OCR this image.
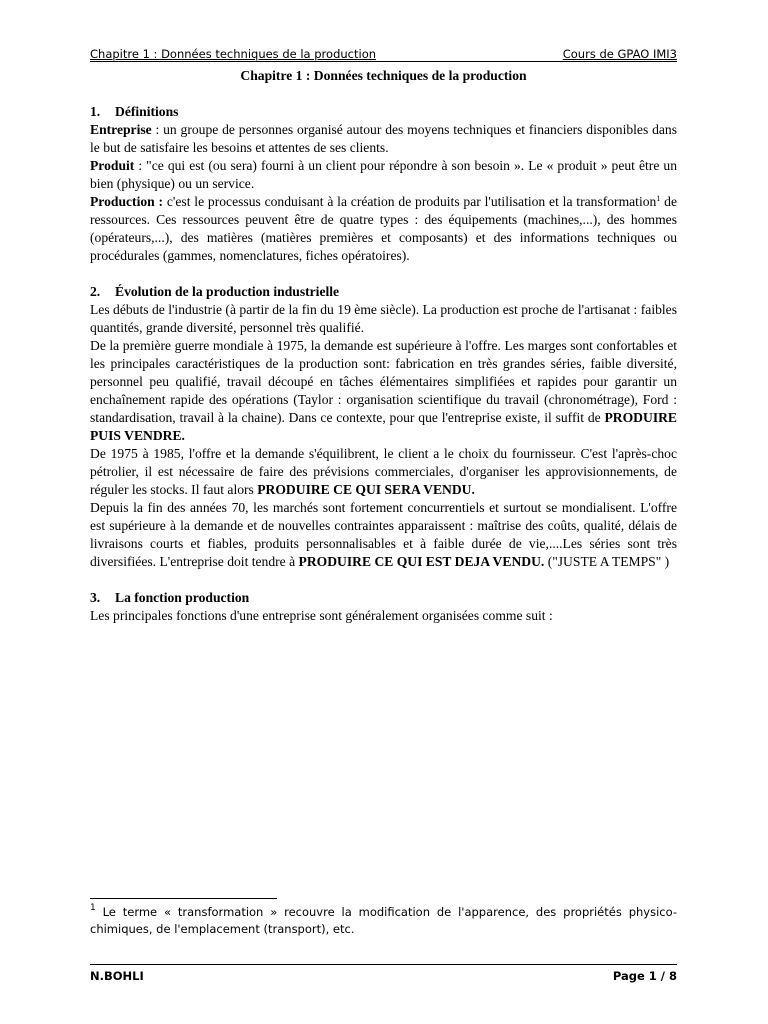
Chapitre 1 : Données techniques de la production	Cours de GPAO IMI3
Chapitre 1 : Données techniques de la production
1. Définitions

Entreprise : un groupe de personnes organisé autour des moyens techniques et financiers disponibles dans le but de satisfaire les besoins et attentes de ses clients.

Produit : "ce qui est (ou sera) fourni à un client pour répondre à son besoin ». Le « produit » peut être un bien (physique) ou un service.

Production : c'est le processus conduisant à la création de produits par l'utilisation et la transformation$^1$ de ressources. Ces ressources peuvent être de quatre types : des équipements (machines,...), des hommes (opérateurs,...), des matières (matières premières et composants) et des informations techniques ou procédurales (gammes, nomenclatures, fiches opératoires).

2. Évolution de la production industrielle

Les débuts de l'industrie (à partir de la fin du 19 ème siècle). La production est proche de l'artisanat : faibles quantités, grande diversité, personnel très qualifié.

De la première guerre mondiale à 1975, la demande est supérieure à l'offre. Les marges sont confortables et les principales caractéristiques de la production sont: fabrication en très grandes séries, faible diversité, personnel peu qualifié, travail découpé en tâches élémentaires simplifiées et rapides pour garantir un enchaînement rapide des opérations (Taylor : organisation scientifique du travail (chronométrage), Ford : standardisation, travail à la chaine). Dans ce contexte, pour que l'entreprise existe, il suffit de PRODUIRE PUIS VENDRE.

De 1975 à 1985, l'offre et la demande s'équilibrent, le client a le choix du fournisseur. C'est l'après-choc pétrolier, il est nécessaire de faire des prévisions commerciales, d'organiser les approvisionnements, de réguler les stocks. Il faut alors PRODUIRE CE QUI SERA VENDU.

Depuis la fin des années 70, les marchés sont fortement concurrentiels et surtout se mondialisent. L'offre est supérieure à la demande et de nouvelles contraintes apparaissent : maîtrise des coûts, qualité, délais de livraisons courts et fiables, produits personnalisables et à faible durée de vie,....Les séries sont très diversifiées. L'entreprise doit tendre à PRODUIRE CE QUI EST DEJA VENDU. ("JUSTE A TEMPS" )

3. La fonction production

Les principales fonctions d'une entreprise sont généralement organisées comme suit :

$^1$ Le terme « transformation » recouvre la modification de l'apparence, des propriétés physico-chimiques, de l'emplacement (transport), etc.
N.BOHLI	Page 1 / 8
